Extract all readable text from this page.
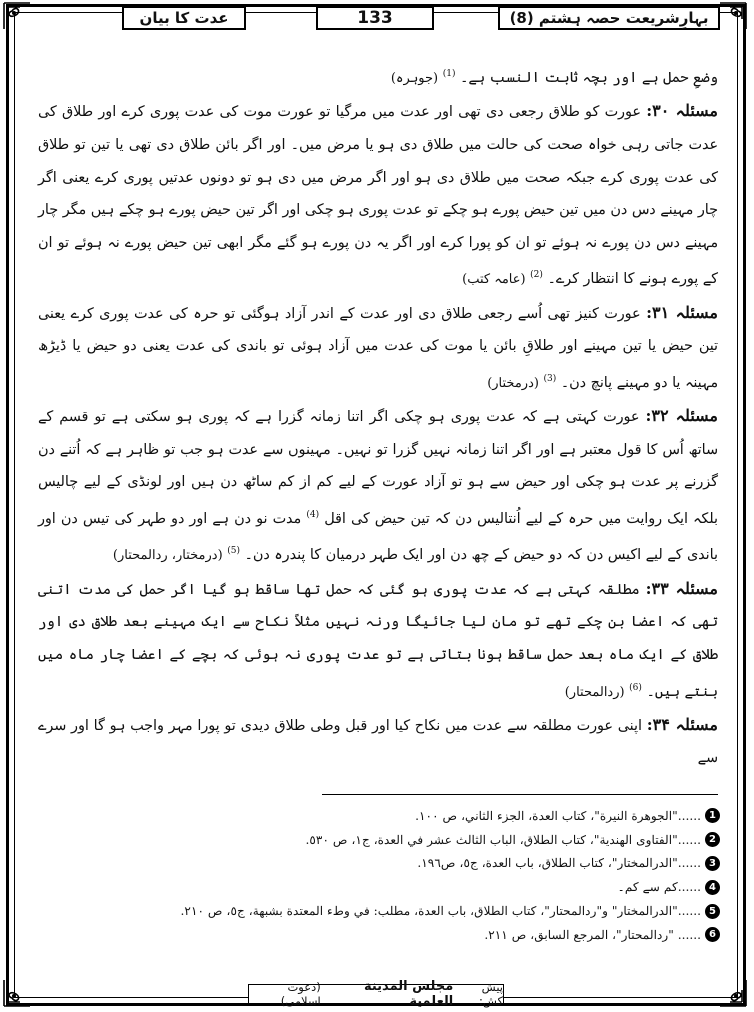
بہارِشریعت حصہ ہشتم (8)
133
عدت کا بیان

وضعِ حمل ہے اور بچہ ثابت النسب ہے۔ $^{(1)}$ (جوہرہ)

مسئلہ ۳۰: عورت کو طلاق رجعی دی تھی اور عدت میں مرگیا تو عورت موت کی عدت پوری کرے اور طلاق کی عدت جاتی رہی خواہ صحت کی حالت میں طلاق دی ہو یا مرض میں۔ اور اگر بائن طلاق دی تھی یا تین تو طلاق کی عدت پوری کرے جبکہ صحت میں طلاق دی ہو اور اگر مرض میں دی ہو تو دونوں عدتیں پوری کرے یعنی اگر چار مہینے دس دن میں تین حیض پورے ہو چکے تو عدت پوری ہو چکی اور اگر تین حیض پورے ہو چکے ہیں مگر چار مہینے دس دن پورے نہ ہوئے تو ان کو پورا کرے اور اگر یہ دن پورے ہو گئے مگر ابھی تین حیض پورے نہ ہوئے تو ان کے پورے ہونے کا انتظار کرے۔ $^{(2)}$ (عامہ کتب)

مسئلہ ۳۱: عورت کنیز تھی اُسے رجعی طلاق دی اور عدت کے اندر آزاد ہوگئی تو حرہ کی عدت پوری کرے یعنی تین حیض یا تین مہینے اور طلاقِ بائن یا موت کی عدت میں آزاد ہوئی تو باندی کی عدت یعنی دو حیض یا ڈیڑھ مہینہ یا دو مہینے پانچ دن۔ $^{(3)}$ (درمختار)

مسئلہ ۳۲: عورت کہتی ہے کہ عدت پوری ہو چکی اگر اتنا زمانہ گزرا ہے کہ پوری ہو سکتی ہے تو قسم کے ساتھ اُس کا قول معتبر ہے اور اگر اتنا زمانہ نہیں گزرا تو نہیں۔ مہینوں سے عدت ہو جب تو ظاہر ہے کہ اُتنے دن گزرنے پر عدت ہو چکی اور حیض سے ہو تو آزاد عورت کے لیے کم از کم ساٹھ دن ہیں اور لونڈی کے لیے چالیس بلکہ ایک روایت میں حرہ کے لیے اُنتالیس دن کہ تین حیض کی اقل $^{(4)}$ مدت نو دن ہے اور دو طہر کی تیس دن اور باندی کے لیے اکیس دن کہ دو حیض کے چھ دن اور ایک طہر درمیان کا پندرہ دن۔ $^{(5)}$ (درمختار، ردالمحتار)

مسئلہ ۳۳: مطلقہ کہتی ہے کہ عدت پوری ہو گئی کہ حمل تھا ساقط ہو گیا اگر حمل کی مدت اتنی تھی کہ اعضا بن چکے تھے تو مان لیا جائیگا ورنہ نہیں مثلاً نکاح سے ایک مہینے بعد طلاق دی اور طلاق کے ایک ماہ بعد حمل ساقط ہونا بتاتی ہے تو عدت پوری نہ ہوئی کہ بچے کے اعضا چار ماہ میں بنتے ہیں۔ $^{(6)}$ (ردالمحتار)

مسئلہ ۳۴: اپنی عورت مطلقہ سے عدت میں نکاح کیا اور قبل وطی طلاق دیدی تو پورا مہر واجب ہو گا اور سرے سے

1
......"الجوهرة النيرة"، كتاب العدة، الجزء الثاني، ص ١٠٠.
2
......"الفتاوى الهندية"، كتاب الطلاق، الباب الثالث عشر في العدة، ج١، ص ٥٣٠.
3
......"الدرالمختار"، كتاب الطلاق، باب العدة، ج٥، ص١٩٦.
4
......کم سے کم۔
5
......"الدرالمختار" و"ردالمحتار"، كتاب الطلاق، باب العدة، مطلب: في وطء المعتدة بشبهة، ج٥، ص ٢١٠.
6
...... "ردالمحتار"، المرجع السابق، ص ٢١١.
پیش کش:
مجلس المدينة العلمية
(دعوت اسلامی)
